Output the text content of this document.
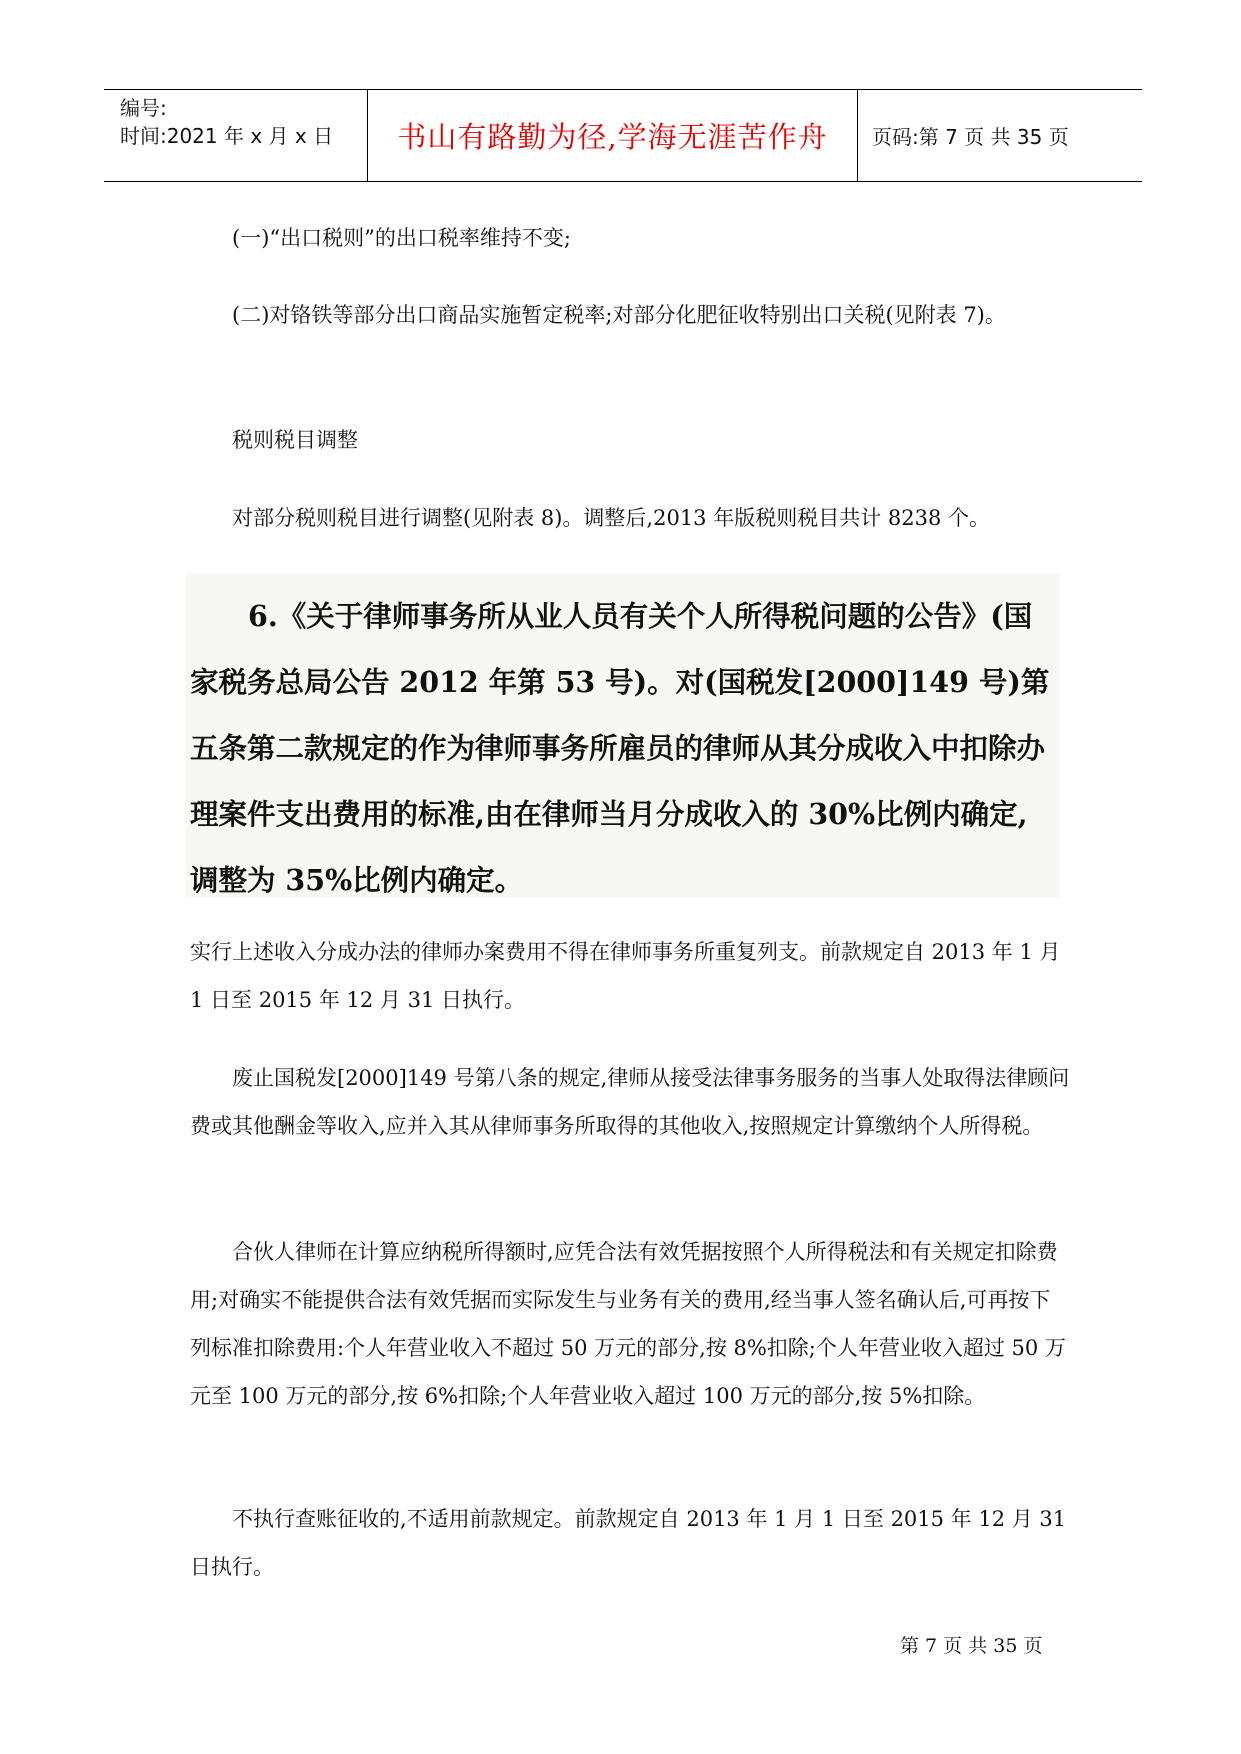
编号:
时间:2021 年 x 月 x 日	书山有路勤为径,学海无涯苦作舟	页码:第 7 页 共 35 页

(一)“出口税则”的出口税率维持不变;

(二)对铬铁等部分出口商品实施暂定税率;对部分化肥征收特别出口关税(见附表 7)。

税则税目调整

对部分税则税目进行调整(见附表 8)。调整后,2013 年版税则税目共计 8238 个。

6.《关于律师事务所从业人员有关个人所得税问题的公告》(国家税务总局公告 2012 年第 53 号)。对(国税发[2000]149 号)第五条第二款规定的作为律师事务所雇员的律师从其分成收入中扣除办理案件支出费用的标准,由在律师当月分成收入的 30%比例内确定,调整为 35%比例内确定。

实行上述收入分成办法的律师办案费用不得在律师事务所重复列支。前款规定自 2013 年 1 月 1 日至 2015 年 12 月 31 日执行。

废止国税发[2000]149 号第八条的规定,律师从接受法律事务服务的当事人处取得法律顾问费或其他酬金等收入,应并入其从律师事务所取得的其他收入,按照规定计算缴纳个人所得税。

合伙人律师在计算应纳税所得额时,应凭合法有效凭据按照个人所得税法和有关规定扣除费用;对确实不能提供合法有效凭据而实际发生与业务有关的费用,经当事人签名确认后,可再按下列标准扣除费用:个人年营业收入不超过 50 万元的部分,按 8%扣除;个人年营业收入超过 50 万元至 100 万元的部分,按 6%扣除;个人年营业收入超过 100 万元的部分,按 5%扣除。

不执行查账征收的,不适用前款规定。前款规定自 2013 年 1 月 1 日至 2015 年 12 月 31 日执行。

第 7 页 共 35 页
